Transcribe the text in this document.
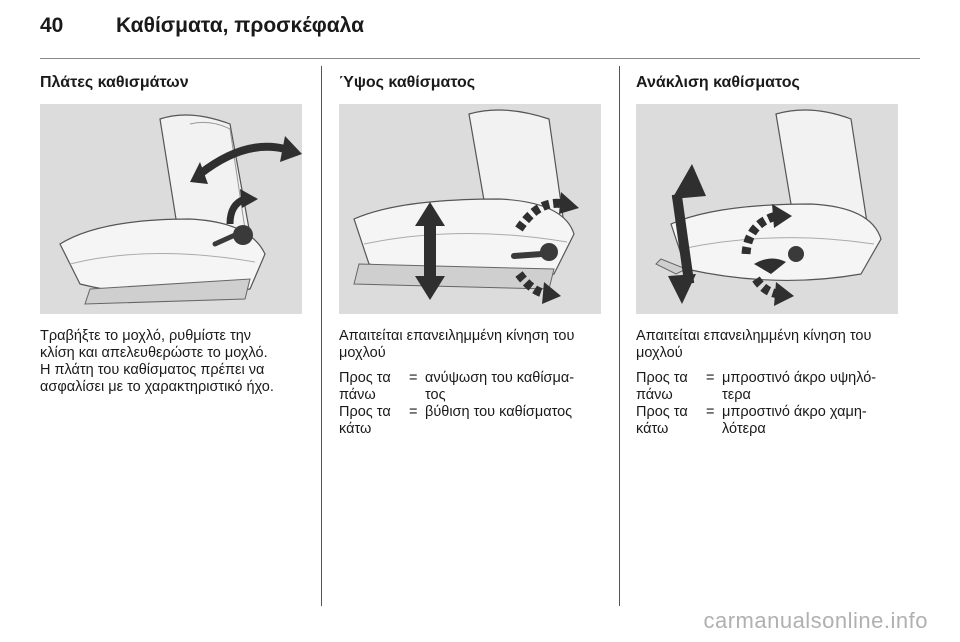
40	Καθίσματα, προσκέφαλα
Πλάτες καθισμάτων
Τραβήξτε το μοχλό, ρυθμίστε την
κλίση και απελευθερώστε το μοχλό.
Η πλάτη του καθίσματος πρέπει να
ασφαλίσει με το χαρακτηριστικό ήχο.
Ύψος καθίσματος
Απαιτείται επανειλημμένη κίνηση του
μοχλού
Προς τα
πάνω
= ανύψωση του καθίσμα-
τος
Προς τα
κάτω
= βύθιση του καθίσματος
Ανάκλιση καθίσματος
Απαιτείται επανειλημμένη κίνηση του
μοχλού
Προς τα
πάνω
= μπροστινό άκρο υψηλό-
τερα
Προς τα
κάτω
= μπροστινό άκρο χαμη-
λότερα
carmanualsonline.info
